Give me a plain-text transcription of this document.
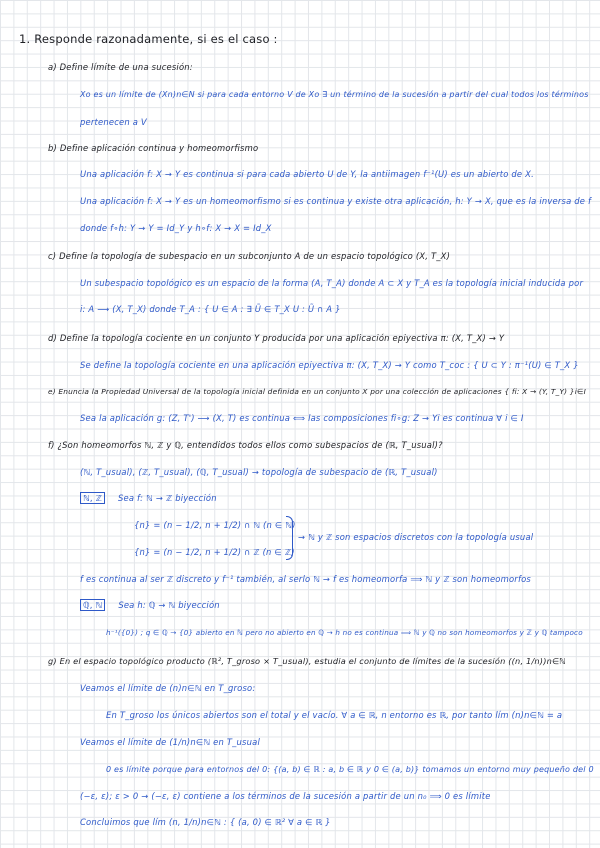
1. Responde razonadamente, si es el caso :
a) Define límite de una sucesión:
Xo es un límite de (Xn)n∈N si para cada entorno V de Xo ∃ un término de la sucesión a partir del cual todos los términos
pertenecen a V
b) Define aplicación continua y homeomorfismo
Una aplicación f: X → Y es continua si para cada abierto U de Y, la antiimagen f⁻¹(U) es un abierto de X.
Una aplicación f: X → Y es un homeomorfismo si es continua y existe otra aplicación, h: Y → X, que es la inversa de f
donde f∘h: Y → Y = Id_Y y h∘f: X → X = Id_X
c) Define la topología de subespacio en un subconjunto A de un espacio topológico (X, T_X)
Un subespacio topológico es un espacio de la forma (A, T_A) donde A ⊂ X y T_A es la topología inicial inducida por
i: A ⟶ (X, T_X) donde T_A : { U ∈ A : ∃ Ũ ∈ T_X U : Ũ ∩ A }
d) Define la topología cociente en un conjunto Y producida por una aplicación epiyectiva π: (X, T_X) → Y
Se define la topología cociente en una aplicación epiyectiva π: (X, T_X) → Y como T_coc : { U ⊂ Y : π⁻¹(U) ∈ T_X }
e) Enuncia la Propiedad Universal de la topología inicial definida en un conjunto X por una colección de aplicaciones { fi: X → (Y, T_Y) }i∈I
Sea la aplicación g: (Z, T') ⟶ (X, T) es continua ⟺ las composiciones fi∘g: Z → Yi es continua ∀ i ∈ I
f) ¿Son homeomorfos ℕ, ℤ y ℚ, entendidos todos ellos como subespacios de (ℝ, T_usual)?
(ℕ, T_usual), (ℤ, T_usual), (ℚ, T_usual) → topología de subespacio de (ℝ, T_usual)
ℕ, ℤ Sea f: ℕ → ℤ biyección
{n} = (n − 1/2, n + 1/2) ∩ ℕ (n ∈ ℕ)
{n} = (n − 1/2, n + 1/2) ∩ ℤ (n ∈ ℤ)
→ ℕ y ℤ son espacios discretos con la topología usual
f es continua al ser ℤ discreto y f⁻¹ también, al serlo ℕ → f es homeomorfa ⟹ ℕ y ℤ son homeomorfos
ℚ, ℕ Sea h: ℚ → ℕ biyección
h⁻¹({0}) ; q ∈ ℚ → {0} abierto en ℕ pero no abierto en ℚ → h no es continua ⟹ ℕ y ℚ no son homeomorfos y ℤ y ℚ tampoco
g) En el espacio topológico producto (ℝ², T_groso × T_usual), estudia el conjunto de límites de la sucesión ((n, 1/n))n∈ℕ
Veamos el límite de (n)n∈ℕ en T_groso:
En T_groso los únicos abiertos son el total y el vacío. ∀ a ∈ ℝ, n entorno es ℝ, por tanto lím (n)n∈ℕ = a
Veamos el límite de (1/n)n∈ℕ en T_usual
0 es límite porque para entornos del 0: {(a, b) ∈ ℝ : a, b ∈ ℝ y 0 ∈ (a, b)} tomamos un entorno muy pequeño del 0
(−ε, ε); ε > 0 → (−ε, ε) contiene a los términos de la sucesión a partir de un n₀ ⟹ 0 es límite
Concluimos que lím (n, 1/n)n∈ℕ : { (a, 0) ∈ ℝ² ∀ a ∈ ℝ }
